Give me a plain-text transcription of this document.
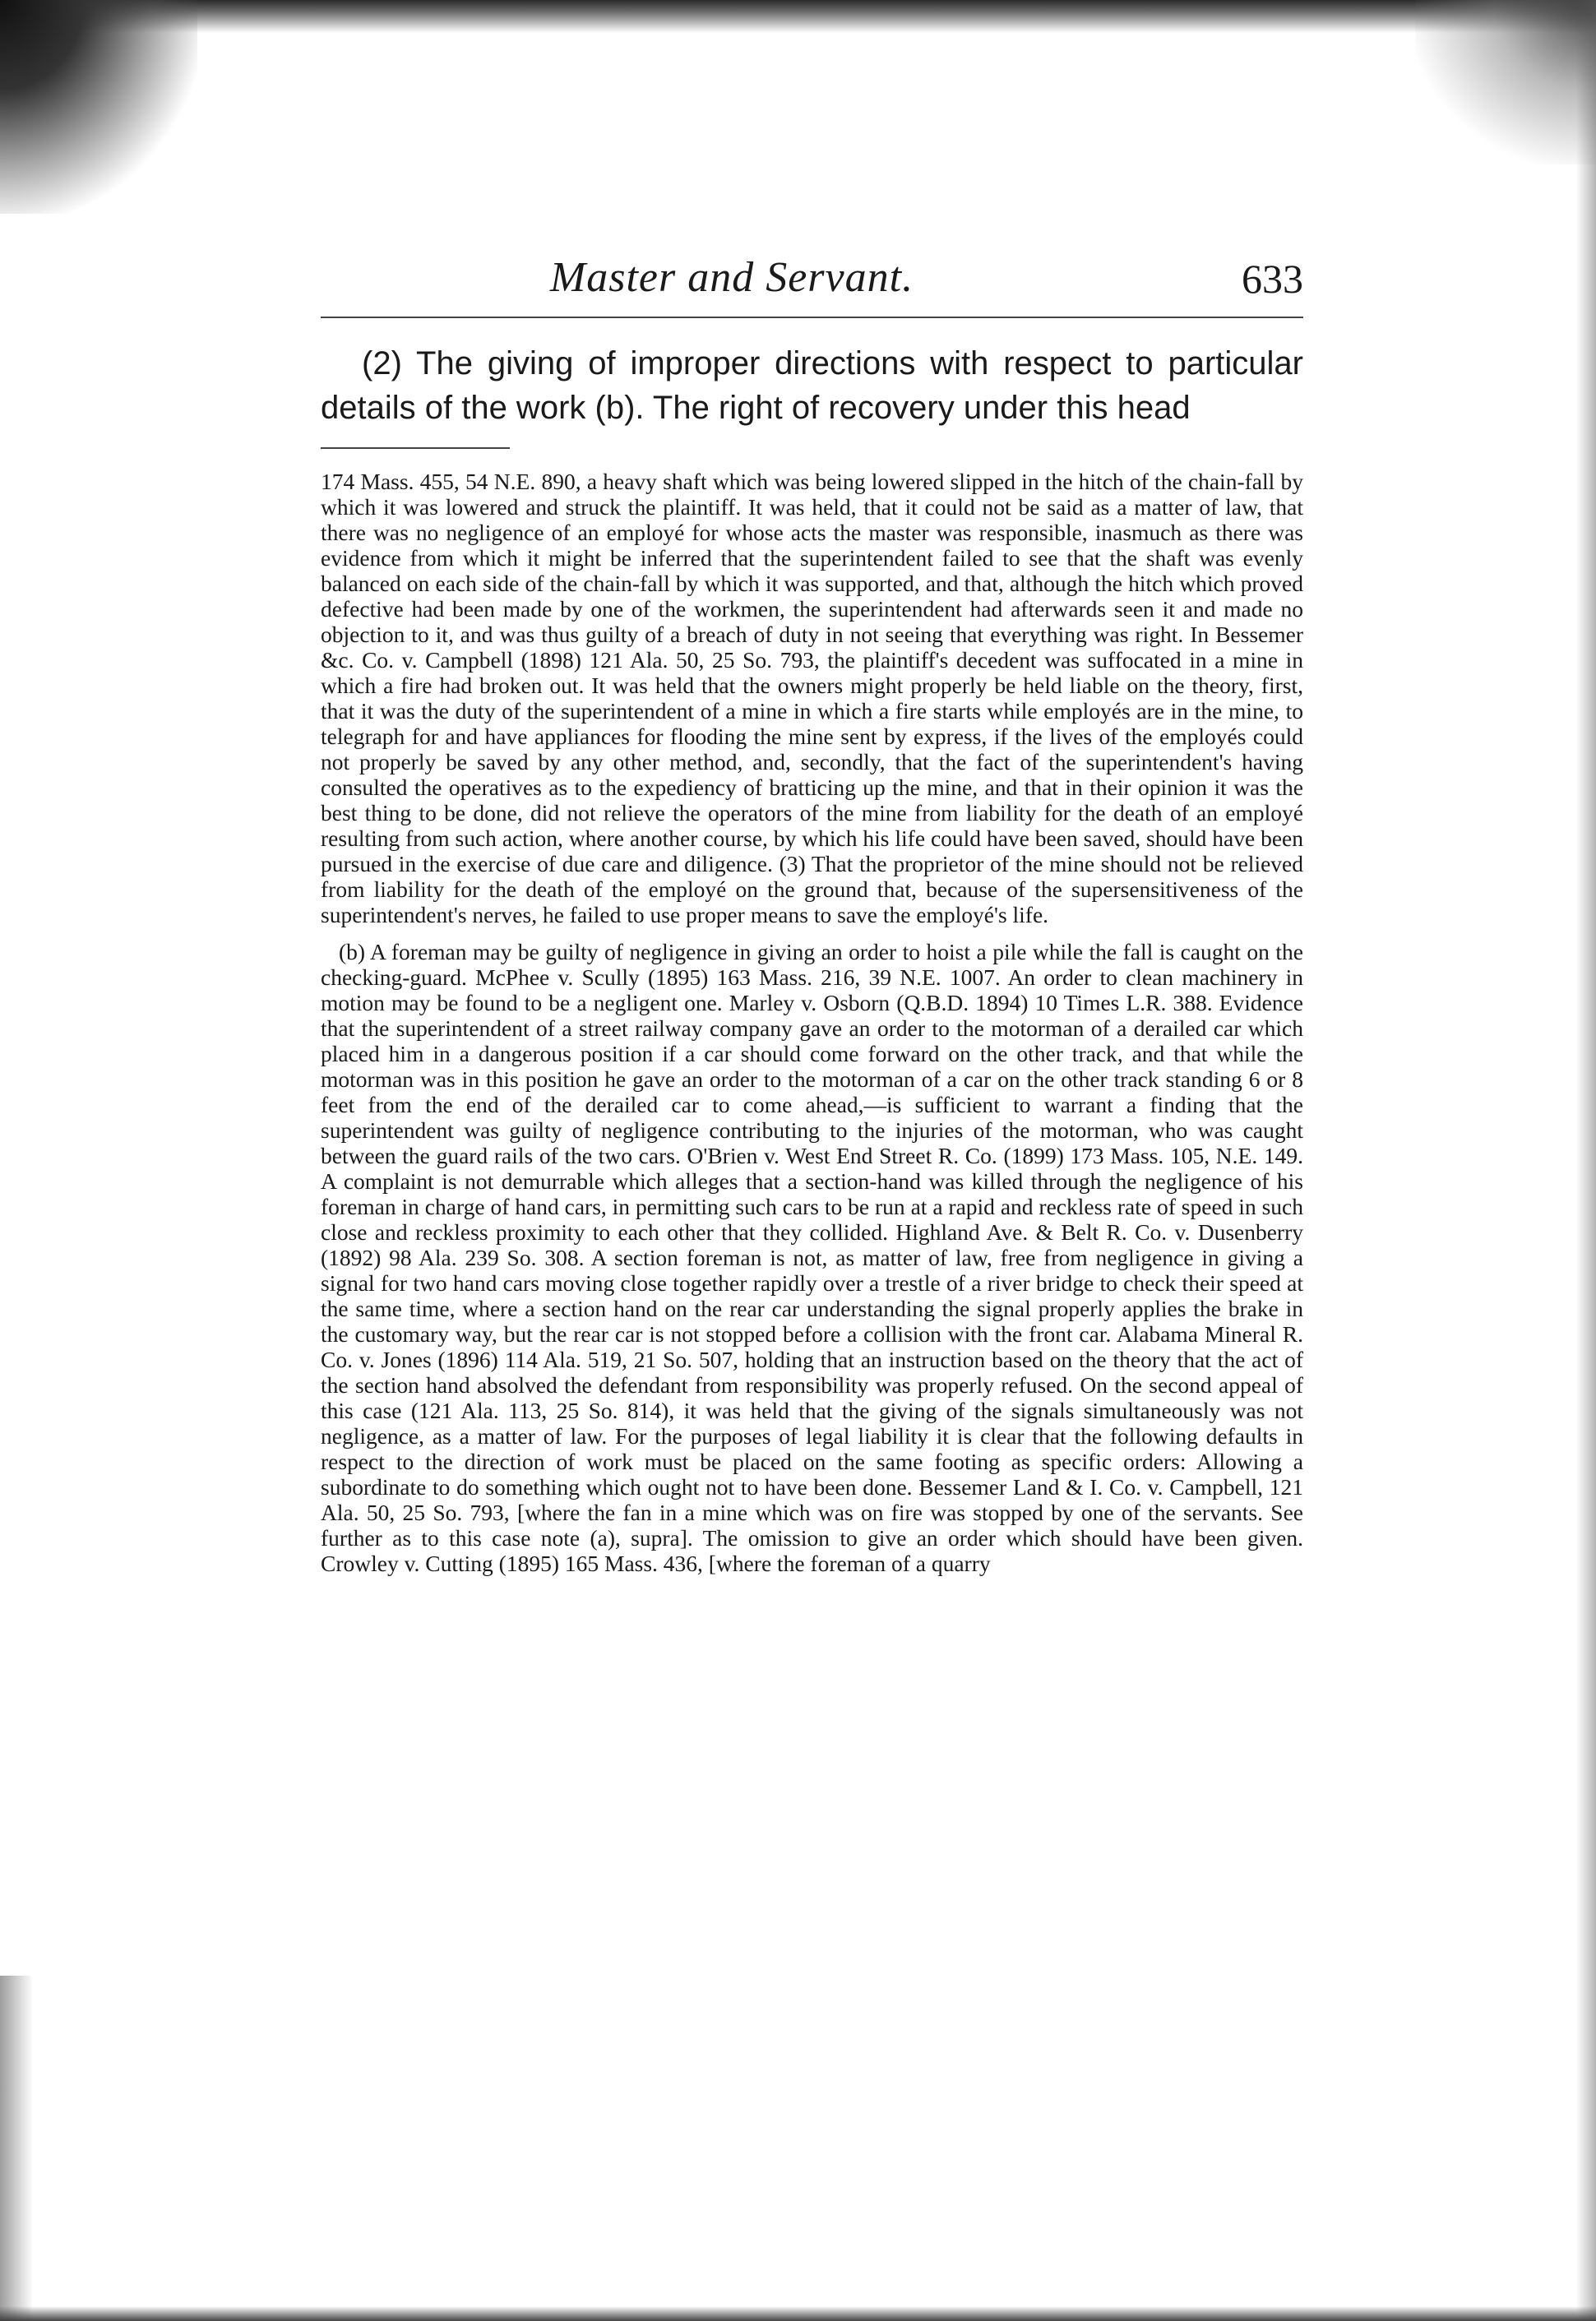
Master and Servant.	633

(2) The giving of improper directions with respect to particular details of the work (b). The right of recovery under this head

174 Mass. 455, 54 N.E. 890, a heavy shaft which was being lowered slipped in the hitch of the chain-fall by which it was lowered and struck the plaintiff. It was held, that it could not be said as a matter of law, that there was no negligence of an employé for whose acts the master was responsible, inasmuch as there was evidence from which it might be inferred that the superintendent failed to see that the shaft was evenly balanced on each side of the chain-fall by which it was supported, and that, although the hitch which proved defective had been made by one of the workmen, the superintendent had afterwards seen it and made no objection to it, and was thus guilty of a breach of duty in not seeing that everything was right. In Bessemer &c. Co. v. Campbell (1898) 121 Ala. 50, 25 So. 793, the plaintiff's decedent was suffocated in a mine in which a fire had broken out. It was held that the owners might properly be held liable on the theory, first, that it was the duty of the superintendent of a mine in which a fire starts while employés are in the mine, to telegraph for and have appliances for flooding the mine sent by express, if the lives of the employés could not properly be saved by any other method, and, secondly, that the fact of the superintendent's having consulted the operatives as to the expediency of bratticing up the mine, and that in their opinion it was the best thing to be done, did not relieve the operators of the mine from liability for the death of an employé resulting from such action, where another course, by which his life could have been saved, should have been pursued in the exercise of due care and diligence. (3) That the proprietor of the mine should not be relieved from liability for the death of the employé on the ground that, because of the supersensitiveness of the superintendent's nerves, he failed to use proper means to save the employé's life.

(b) A foreman may be guilty of negligence in giving an order to hoist a pile while the fall is caught on the checking-guard. McPhee v. Scully (1895) 163 Mass. 216, 39 N.E. 1007. An order to clean machinery in motion may be found to be a negligent one. Marley v. Osborn (Q.B.D. 1894) 10 Times L.R. 388. Evidence that the superintendent of a street railway company gave an order to the motorman of a derailed car which placed him in a dangerous position if a car should come forward on the other track, and that while the motorman was in this position he gave an order to the motorman of a car on the other track standing 6 or 8 feet from the end of the derailed car to come ahead,—is sufficient to warrant a finding that the superintendent was guilty of negligence contributing to the injuries of the motorman, who was caught between the guard rails of the two cars. O'Brien v. West End Street R. Co. (1899) 173 Mass. 105, N.E. 149. A complaint is not demurrable which alleges that a section-hand was killed through the negligence of his foreman in charge of hand cars, in permitting such cars to be run at a rapid and reckless rate of speed in such close and reckless proximity to each other that they collided. Highland Ave. & Belt R. Co. v. Dusenberry (1892) 98 Ala. 239 So. 308. A section foreman is not, as matter of law, free from negligence in giving a signal for two hand cars moving close together rapidly over a trestle of a river bridge to check their speed at the same time, where a section hand on the rear car understanding the signal properly applies the brake in the customary way, but the rear car is not stopped before a collision with the front car. Alabama Mineral R. Co. v. Jones (1896) 114 Ala. 519, 21 So. 507, holding that an instruction based on the theory that the act of the section hand absolved the defendant from responsibility was properly refused. On the second appeal of this case (121 Ala. 113, 25 So. 814), it was held that the giving of the signals simultaneously was not negligence, as a matter of law. For the purposes of legal liability it is clear that the following defaults in respect to the direction of work must be placed on the same footing as specific orders: Allowing a subordinate to do something which ought not to have been done. Bessemer Land & I. Co. v. Campbell, 121 Ala. 50, 25 So. 793, [where the fan in a mine which was on fire was stopped by one of the servants. See further as to this case note (a), supra]. The omission to give an order which should have been given. Crowley v. Cutting (1895) 165 Mass. 436, [where the foreman of a quarry
